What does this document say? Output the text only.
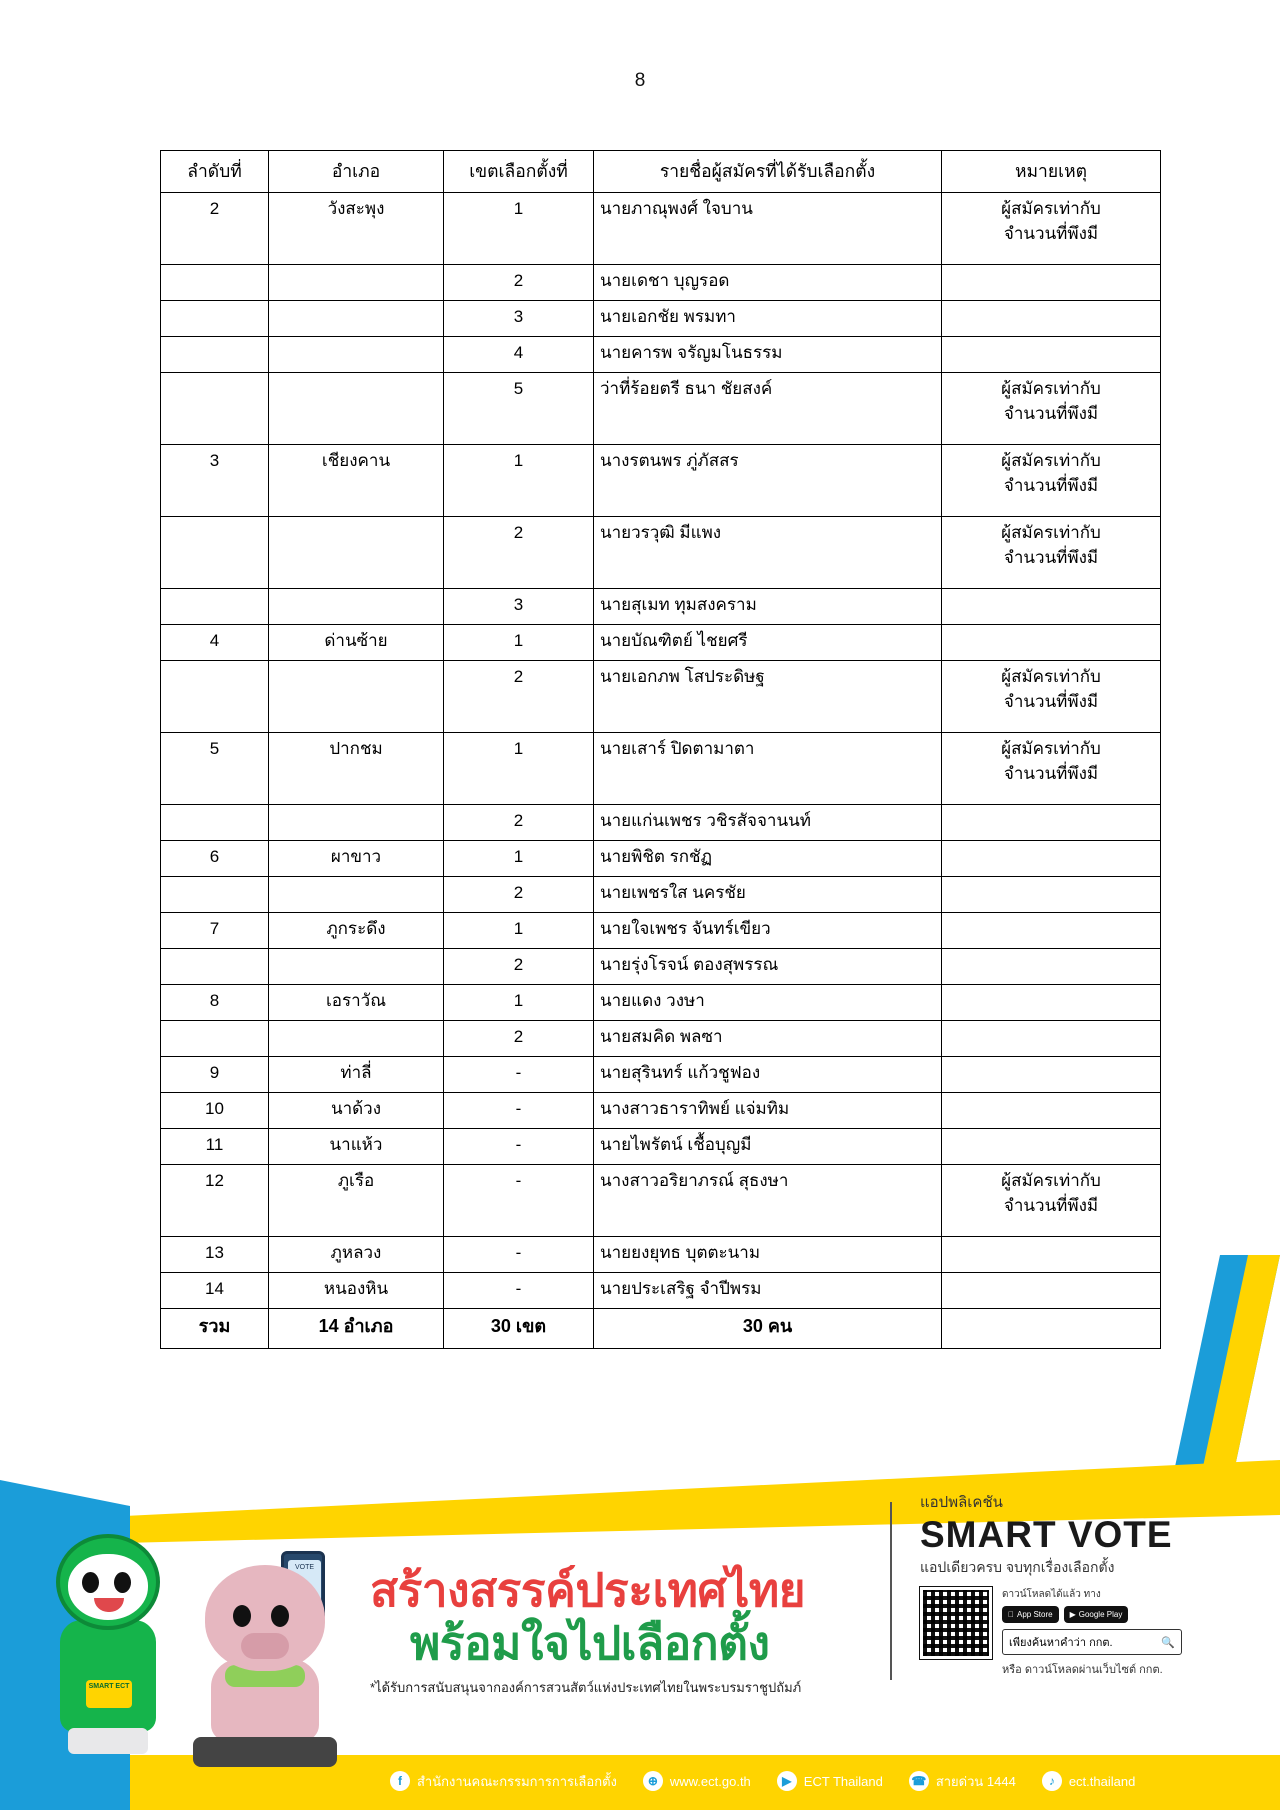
8
ลำดับที่	อำเภอ	เขตเลือกตั้งที่	รายชื่อผู้สมัครที่ได้รับเลือกตั้ง	หมายเหตุ
2	วังสะพุง	1	นายภาณุพงศ์ ใจบาน	ผู้สมัครเท่ากับ
จำนวนที่พึงมี

		2	นายเดชา บุญรอด	
		3	นายเอกชัย พรมทา	
		4	นายคารพ จรัญมโนธรรม	
		5	ว่าที่ร้อยตรี ธนา ชัยสงค์	ผู้สมัครเท่ากับ
จำนวนที่พึงมี

3	เชียงคาน	1	นางรตนพร ภู่ภัสสร	ผู้สมัครเท่ากับ
จำนวนที่พึงมี

		2	นายวรวุฒิ มีแพง	ผู้สมัครเท่ากับ
จำนวนที่พึงมี

		3	นายสุเมท ทุมสงคราม	
4	ด่านซ้าย	1	นายบัณฑิตย์ ไชยศรี	
		2	นายเอกภพ โสประดิษฐ	ผู้สมัครเท่ากับ
จำนวนที่พึงมี

5	ปากชม	1	นายเสาร์ ปิดตามาตา	ผู้สมัครเท่ากับ
จำนวนที่พึงมี

		2	นายแก่นเพชร วชิรสัจจานนท์	
6	ผาขาว	1	นายพิชิต รกชัฏ	
		2	นายเพชรใส นครชัย	
7	ภูกระดึง	1	นายใจเพชร จันทร์เขียว	
		2	นายรุ่งโรจน์ ตองสุพรรณ	
8	เอราวัณ	1	นายแดง วงษา	
		2	นายสมคิด พลซา	
9	ท่าลี่	-	นายสุรินทร์ แก้วชูฟอง	
10	นาด้วง	-	นางสาวธาราทิพย์ แจ่มทิม	
11	นาแห้ว	-	นายไพรัตน์ เชื้อบุญมี	
12	ภูเรือ	-	นางสาวอริยาภรณ์ สุธงษา	ผู้สมัครเท่ากับ
จำนวนที่พึงมี

13	ภูหลวง	-	นายยงยุทธ บุตตะนาม	
14	หนองหิน	-	นายประเสริฐ จำปีพรม	
รวม	14 อำเภอ	30 เขต	30 คน	
SMART ECT
VOTE สร้างสรรค์ประเทศไทย
พร้อมใจไปเลือกตั้ง
*ได้รับการสนับสนุนจากองค์การสวนสัตว์แห่งประเทศไทยในพระบรมราชูปถัมภ์
แอปพลิเคชัน
SMART VOTE
แอปเดียวครบ จบทุกเรื่องเลือกตั้ง
ดาวน์โหลดได้แล้ว ทาง
App Store ▶ Google Play
เพียงค้นหาคำว่า กกต.	🔍
หรือ ดาวน์โหลดผ่านเว็บไซต์ กกต.
f	สำนักงานคณะกรรมการการเลือกตั้ง	⊕ www.ect.go.th	▶ ECT Thailand ☎ สายด่วน 1444	♪	ect.thailand
